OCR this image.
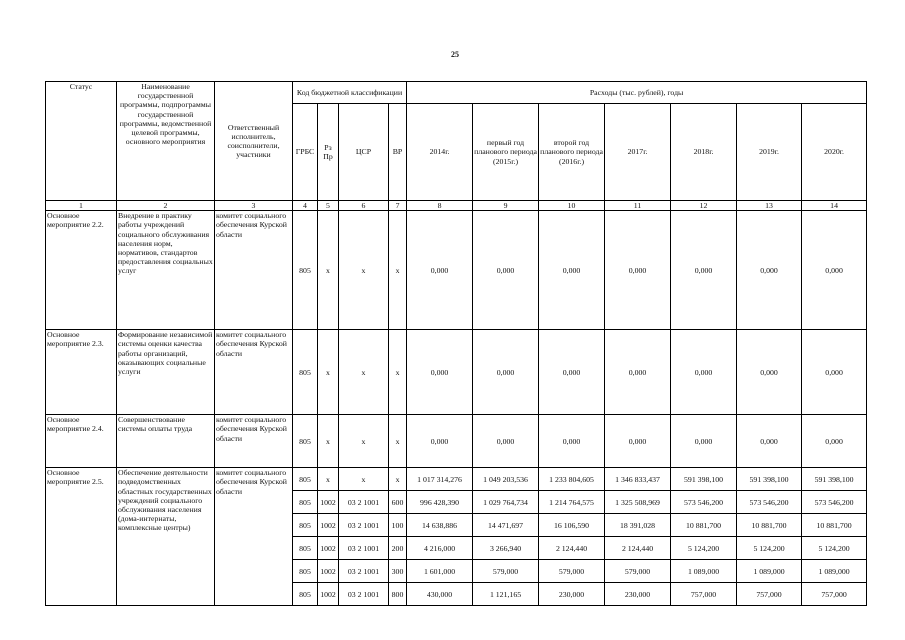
25
Статус	Наименование государственной программы, подпрограммы государственной программы, ведомственной целевой программы, основного мероприятия	Ответственный исполнитель, соисполнители, участники	Код бюджетной классификации				Расходы (тыс. рублей), годы						
			ГРБС	Рз Пр	ЦСР	ВР	2014г.	первый год планового периода (2015г.)	второй год планового периода (2016г.)	2017г.	2018г.	2019г.	2020г.
1	2	3	4	5	6	7	8	9	10	11	12	13	14
Основное мероприятие 2.2.	Внедрение в практику работы учреждений социального обслуживания населения норм, нормативов, стандартов предоставления социальных услуг	комитет социального обеспечения Курской области	805	x	x	x	0,000	0,000	0,000	0,000	0,000	0,000	0,000
Основное мероприятие 2.3.	Формирование независимой системы оценки качества работы организаций, оказывающих социальные услуги	комитет социального обеспечения Курской области	805	x	x	x	0,000	0,000	0,000	0,000	0,000	0,000	0,000
Основное мероприятие 2.4.	Совершенствование системы оплаты труда	комитет социального обеспечения Курской области	805	x	x	x	0,000	0,000	0,000	0,000	0,000	0,000	0,000
Основное мероприятие 2.5.	Обеспечение деятельности подведомственных областных государственных учреждений социального обслуживания населения (дома-интернаты, комплексные центры)	комитет социального обеспечения Курской области	805	x	x	x	1 017 314,276	1 049 203,536	1 233 804,605	1 346 833,437	591 398,100	591 398,100	591 398,100
			805	1002	03 2 1001	600	996 428,390	1 029 764,734	1 214 764,575	1 325 508,969	573 546,200	573 546,200	573 546,200
			805	1002	03 2 1001	100	14 638,886	14 471,697	16 106,590	18 391,028	10 881,700	10 881,700	10 881,700
			805	1002	03 2 1001	200	4 216,000	3 266,940	2 124,440	2 124,440	5 124,200	5 124,200	5 124,200
			805	1002	03 2 1001	300	1 601,000	579,000	579,000	579,000	1 089,000	1 089,000	1 089,000
			805	1002	03 2 1001	800	430,000	1 121,165	230,000	230,000	757,000	757,000	757,000
